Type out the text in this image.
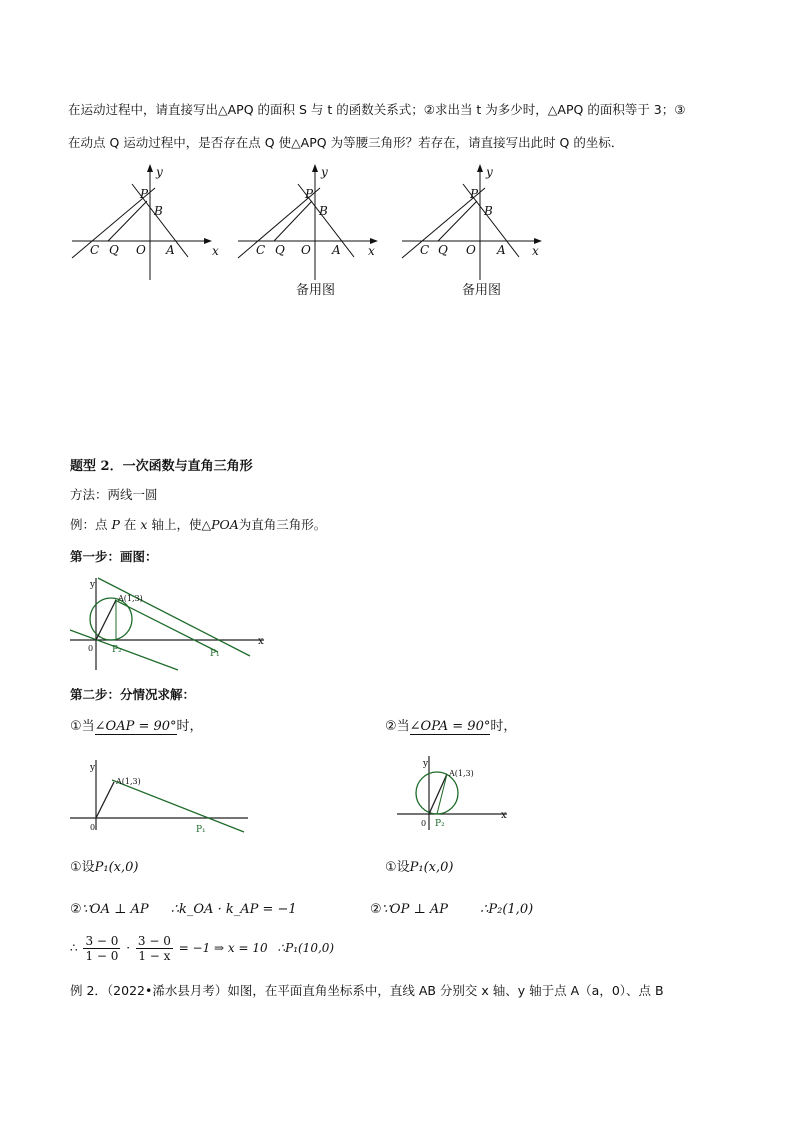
在运动过程中，请直接写出△APQ 的面积 S 与 t 的函数关系式；②求出当 t 为多少时，△APQ 的面积等于 3；③
在动点 Q 运动过程中，是否存在点 Q 使△APQ 为等腰三角形？若存在，请直接写出此时 Q 的坐标．
y
x
P
B
C Q O A
y
x
P
B
C Q O A
备用图
y
x
P
B
C Q O A
备用图
题型 2．一次函数与直角三角形
方法：两线一圆
例：点 P 在 x 轴上，使△POA为直角三角形。
第一步：画图：
y
x
A(1,3)
0
P₁
P₂
第二步：分情况求解：
①当∠OAP = 90°时，	②当∠OPA = 90°时，
y
A(1,3)
0	P₁
y
x
A(1,3)
0 P₂
①设P₁(x,0)
②∵OA ⊥ AP ∴k_OA · k_AP = −1
∴ $\frac{3 - 0}{1 - 0} \cdot \frac{3 - 0}{1 - x} = -1$ ⇒ x = 10 ∴P₁(10,0)
①设P₁(x,0)
②∵OP ⊥ AP ∴P₂(1,0)
例 2．（2022•浠水县月考）如图，在平面直角坐标系中，直线 AB 分别交 x 轴、y 轴于点 A（a，0）、点 B
